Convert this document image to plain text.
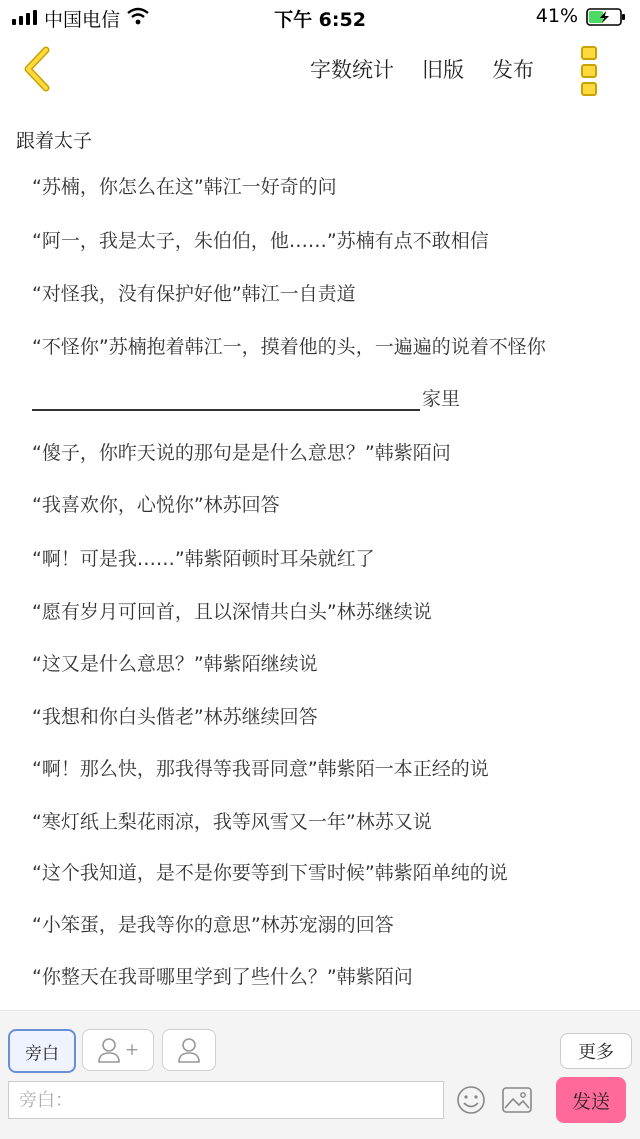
中国电信	下午 6:52	41%
字数统计 旧版 发布
跟着太子
“苏楠，你怎么在这”韩江一好奇的问
“阿一，我是太子，朱伯伯，他……”苏楠有点不敢相信
“对怪我，没有保护好他”韩江一自责道
“不怪你”苏楠抱着韩江一，摸着他的头，一遍遍的说着不怪你
家里
“傻子，你昨天说的那句是是什么意思？”韩紫陌问
“我喜欢你，心悦你”林苏回答
“啊！可是我……”韩紫陌顿时耳朵就红了
“愿有岁月可回首，且以深情共白头”林苏继续说
“这又是什么意思？”韩紫陌继续说
“我想和你白头偕老”林苏继续回答
“啊！那么快，那我得等我哥同意”韩紫陌一本正经的说
“寒灯纸上梨花雨凉，我等风雪又一年”林苏又说
“这个我知道，是不是你要等到下雪时候”韩紫陌单纯的说
“小笨蛋，是我等你的意思”林苏宠溺的回答
“你整天在我哥哪里学到了些什么？”韩紫陌问
旁白	+	更多
旁白：
发送
